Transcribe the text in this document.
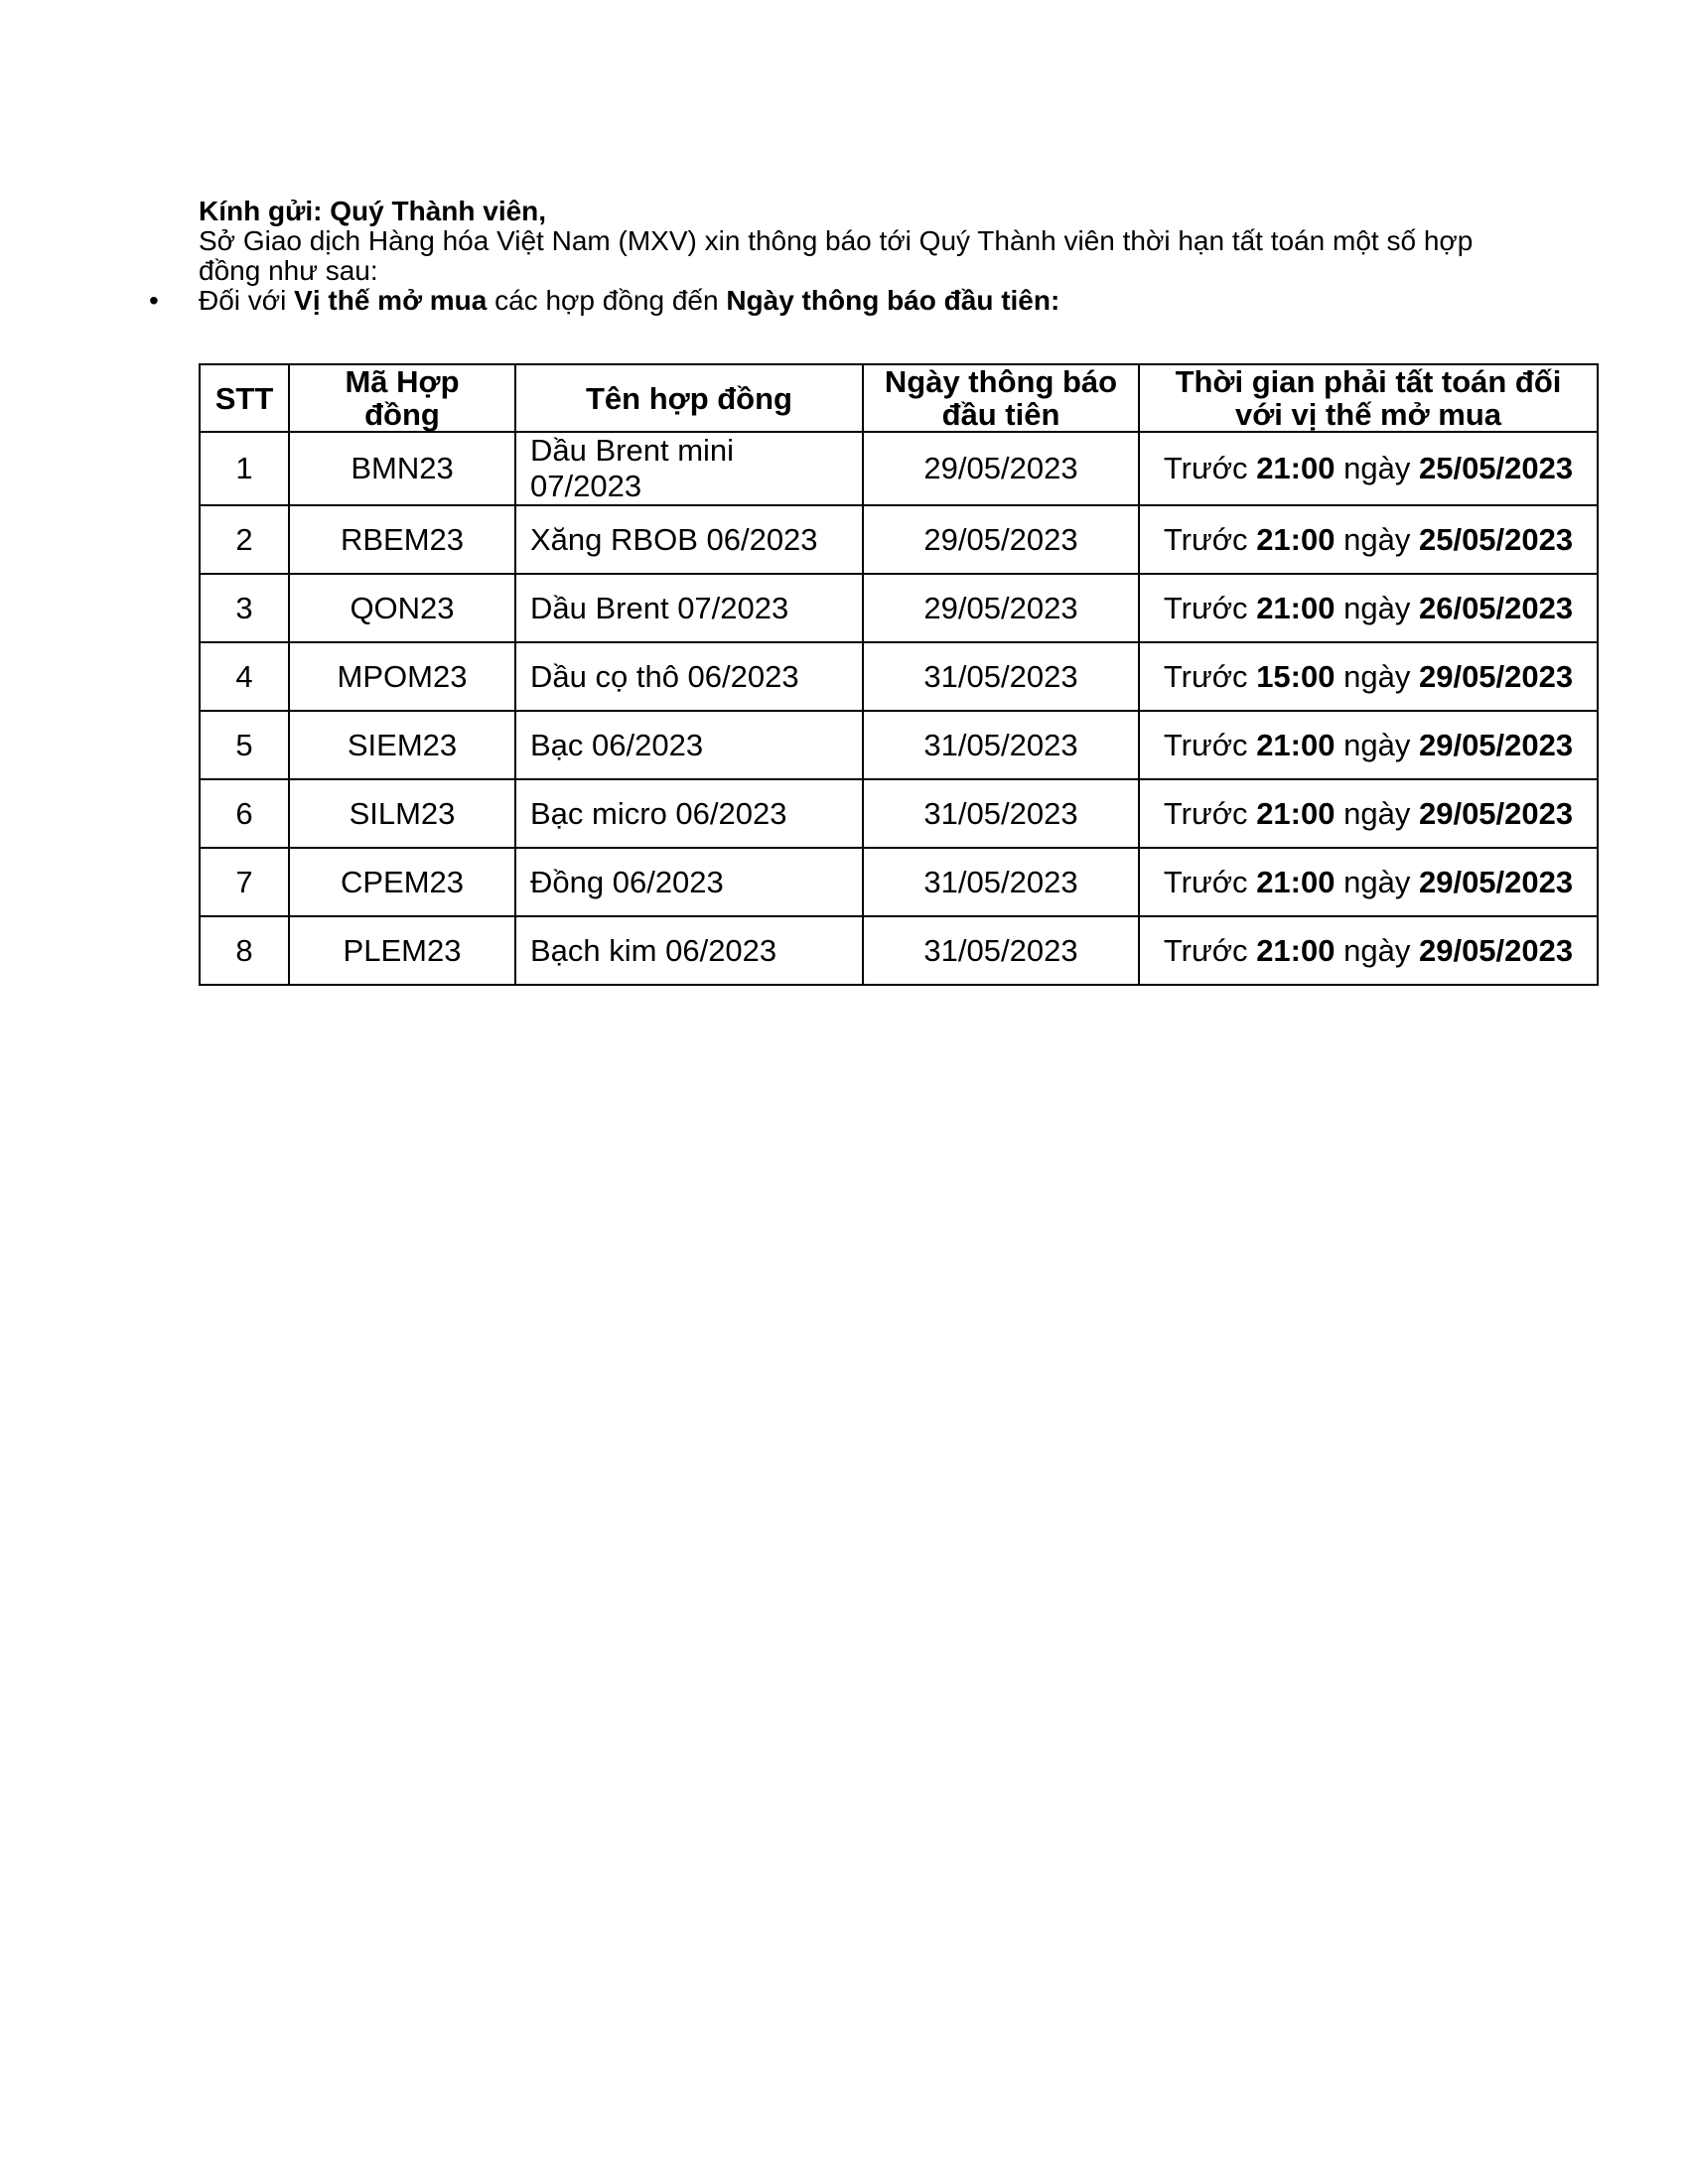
Kính gửi: Quý Thành viên,

Sở Giao dịch Hàng hóa Việt Nam (MXV) xin thông báo tới Quý Thành viên thời hạn tất toán một số hợp

đồng như sau:

• Đối với Vị thế mở mua các hợp đồng đến Ngày thông báo đầu tiên:

STT	Mã Hợp đồng	Tên hợp đồng	Ngày thông báo đầu tiên	Thời gian phải tất toán đối với vị thế mở mua
1	BMN23	Dầu Brent mini 07/2023	29/05/2023	Trước 21:00 ngày 25/05/2023
2	RBEM23	Xăng RBOB 06/2023	29/05/2023	Trước 21:00 ngày 25/05/2023
3	QON23	Dầu Brent 07/2023	29/05/2023	Trước 21:00 ngày 26/05/2023
4	MPOM23	Dầu cọ thô 06/2023	31/05/2023	Trước 15:00 ngày 29/05/2023
5	SIEM23	Bạc 06/2023	31/05/2023	Trước 21:00 ngày 29/05/2023
6	SILM23	Bạc micro 06/2023	31/05/2023	Trước 21:00 ngày 29/05/2023
7	CPEM23	Đồng 06/2023	31/05/2023	Trước 21:00 ngày 29/05/2023
8	PLEM23	Bạch kim 06/2023	31/05/2023	Trước 21:00 ngày 29/05/2023
